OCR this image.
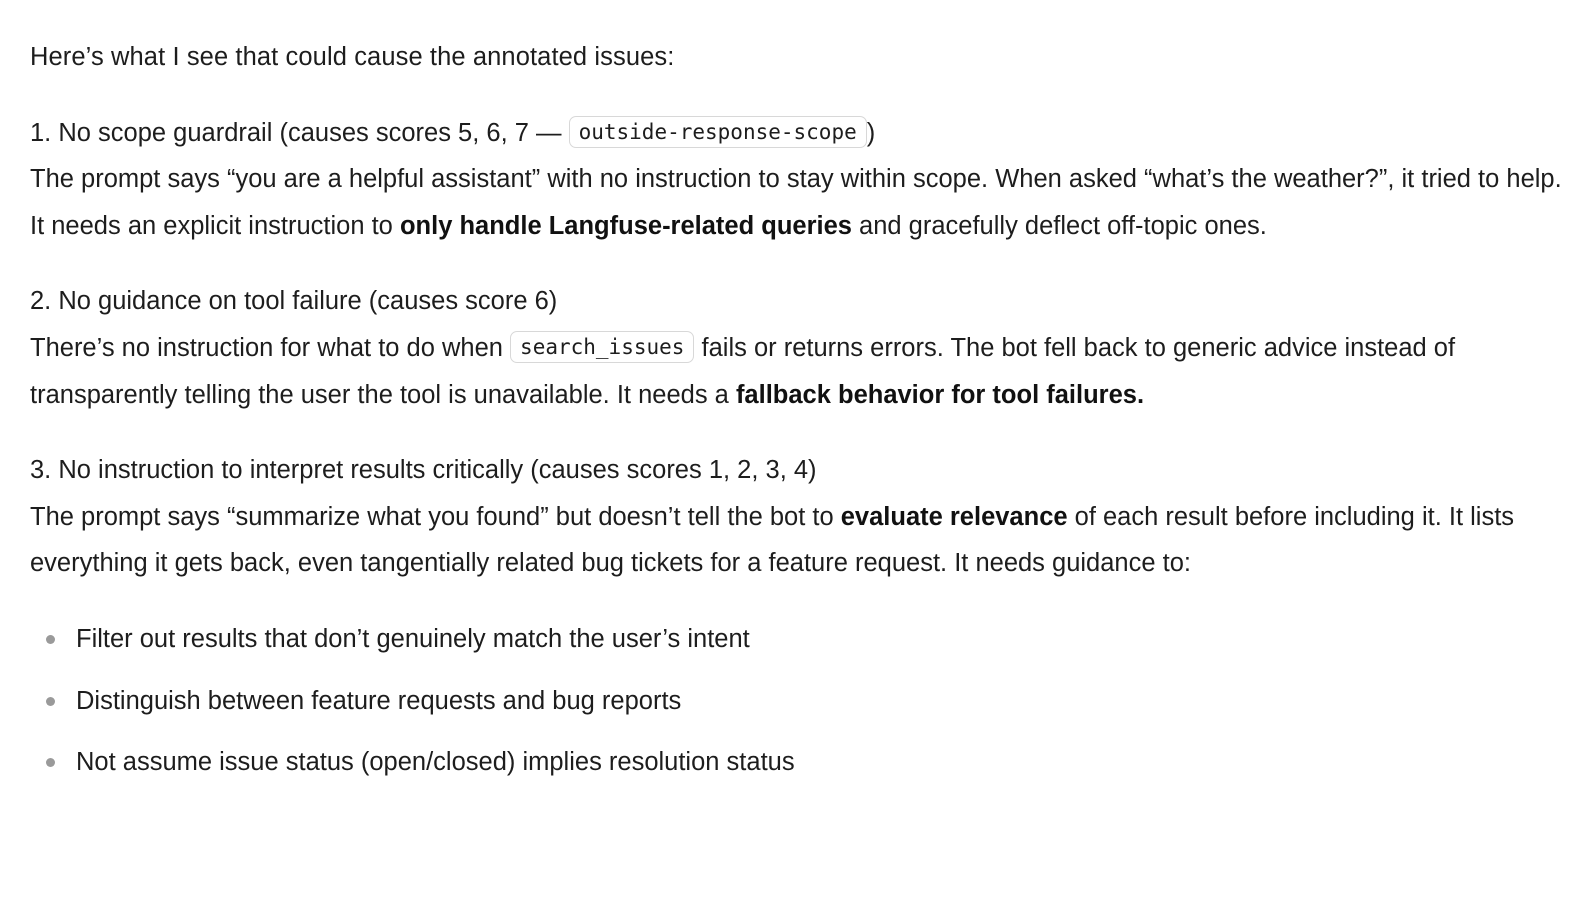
Here’s what I see that could cause the annotated issues:

1. No scope guardrail (causes scores 5, 6, 7 — outside-response-scope )

The prompt says “you are a helpful assistant” with no instruction to stay within scope. When asked “what’s the weather?”, it tried to help. It needs an explicit instruction to only handle Langfuse-related queries and gracefully deflect off-topic ones.

2. No guidance on tool failure (causes score 6)

There’s no instruction for what to do when search_issues fails or returns errors. The bot fell back to generic advice instead of transparently telling the user the tool is unavailable. It needs a fallback behavior for tool failures.

3. No instruction to interpret results critically (causes scores 1, 2, 3, 4)

The prompt says “summarize what you found” but doesn’t tell the bot to evaluate relevance of each result before including it. It lists everything it gets back, even tangentially related bug tickets for a feature request. It needs guidance to:

Filter out results that don’t genuinely match the user’s intent
Distinguish between feature requests and bug reports
Not assume issue status (open/closed) implies resolution status
